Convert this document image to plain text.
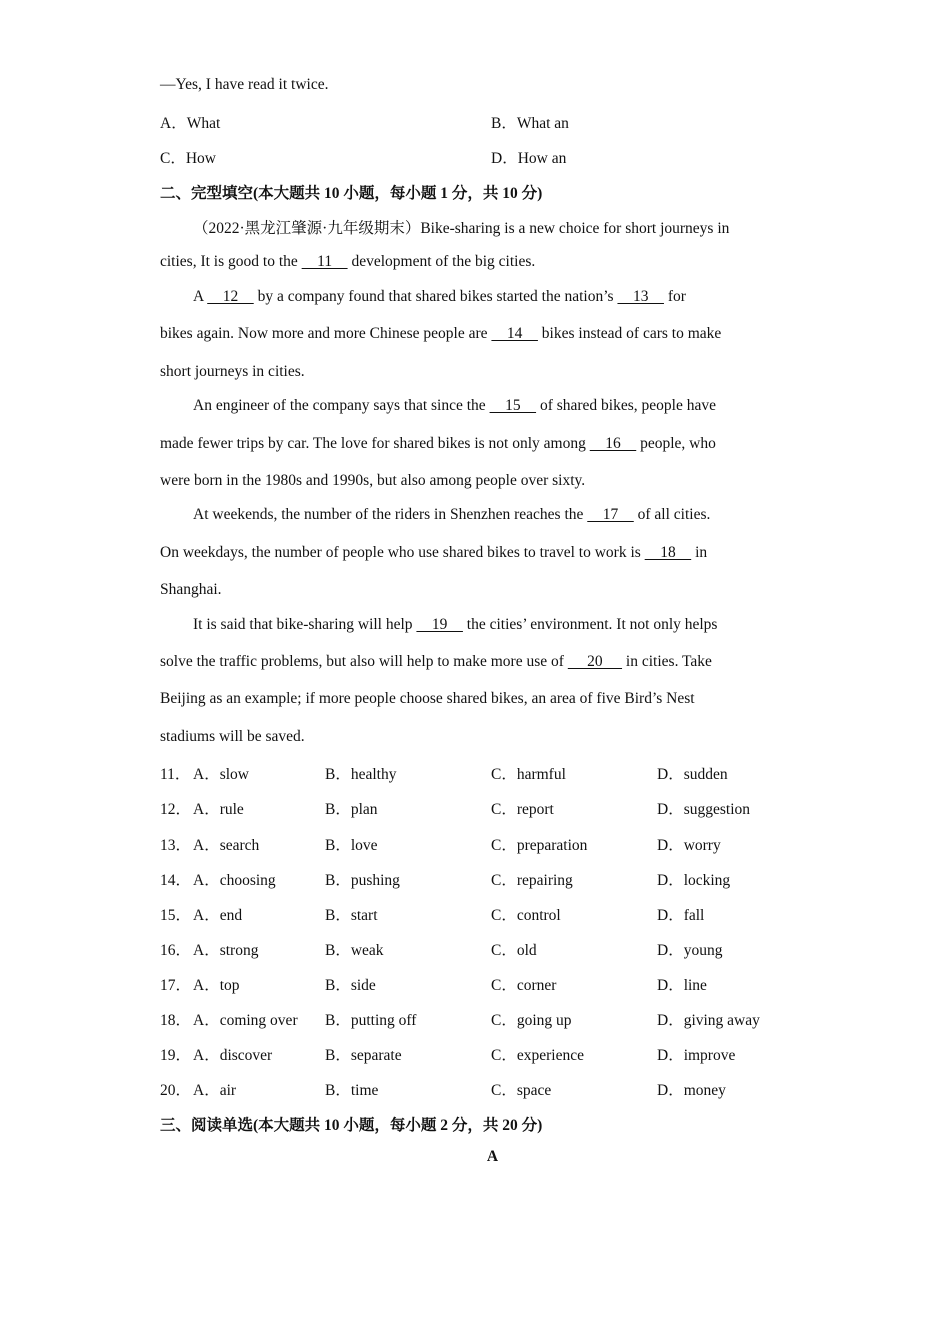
—Yes, I have read it twice.
A．What	B．What an
C．How	D．How an
二、完型填空(本大题共 10 小题，每小题 1 分，共 10 分)
（2022·黑龙江肇源·九年级期末）Bike-sharing is a new choice for short journeys in
cities, It is good to the     11     development of the big cities.
A     12     by a company found that shared bikes started the nation’s     13     for
bikes again. Now more and more Chinese people are     14     bikes instead of cars to make
short journeys in cities.
An engineer of the company says that since the     15     of shared bikes, people have
made fewer trips by car. The love for shared bikes is not only among     16     people, who
were born in the 1980s and 1990s, but also among people over sixty.
At weekends, the number of the riders in Shenzhen reaches the     17     of all cities.
On weekdays, the number of people who use shared bikes to travel to work is     18     in
Shanghai.
It is said that bike-sharing will help     19     the cities’ environment. It not only helps
solve the traffic problems, but also will help to make more use of      20      in cities. Take
Beijing as an example; if more people choose shared bikes, an area of five Bird’s Nest
stadiums will be saved.
11． A．slow	B．healthy	C．harmful	D．sudden
12． A．rule	B．plan	C．report	D．suggestion
13． A．search	B．love	C．preparation	D．worry
14． A．choosing	B．pushing	C．repairing	D．locking
15． A．end	B．start	C．control	D．fall
16． A．strong	B．weak	C．old	D．young
17． A．top	B．side	C．corner	D．line
18． A．coming over B．putting off	C．going up	D．giving away
19． A．discover	B．separate	C．experience	D．improve
20． A．air	B．time	C．space	D．money
三、阅读单选(本大题共 10 小题，每小题 2 分，共 20 分)
A
